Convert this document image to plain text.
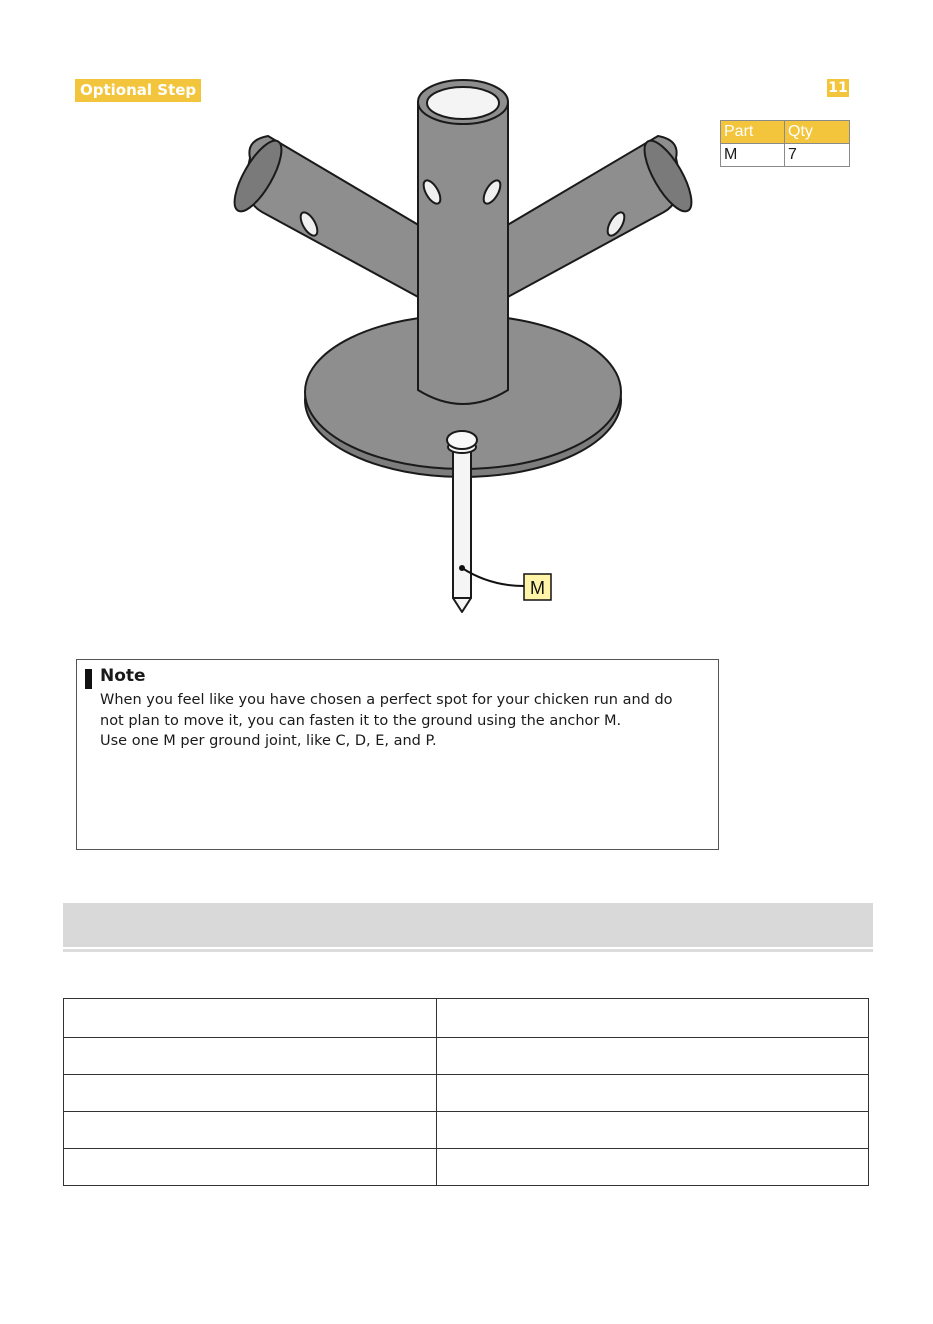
Optional Step	11
Part	Qty
M	7
M
Note

When you feel like you have chosen a perfect spot for your chicken run and do

not plan to move it, you can fasten it to the ground using the anchor M.

Use one M per ground joint, like C, D, E, and P.
